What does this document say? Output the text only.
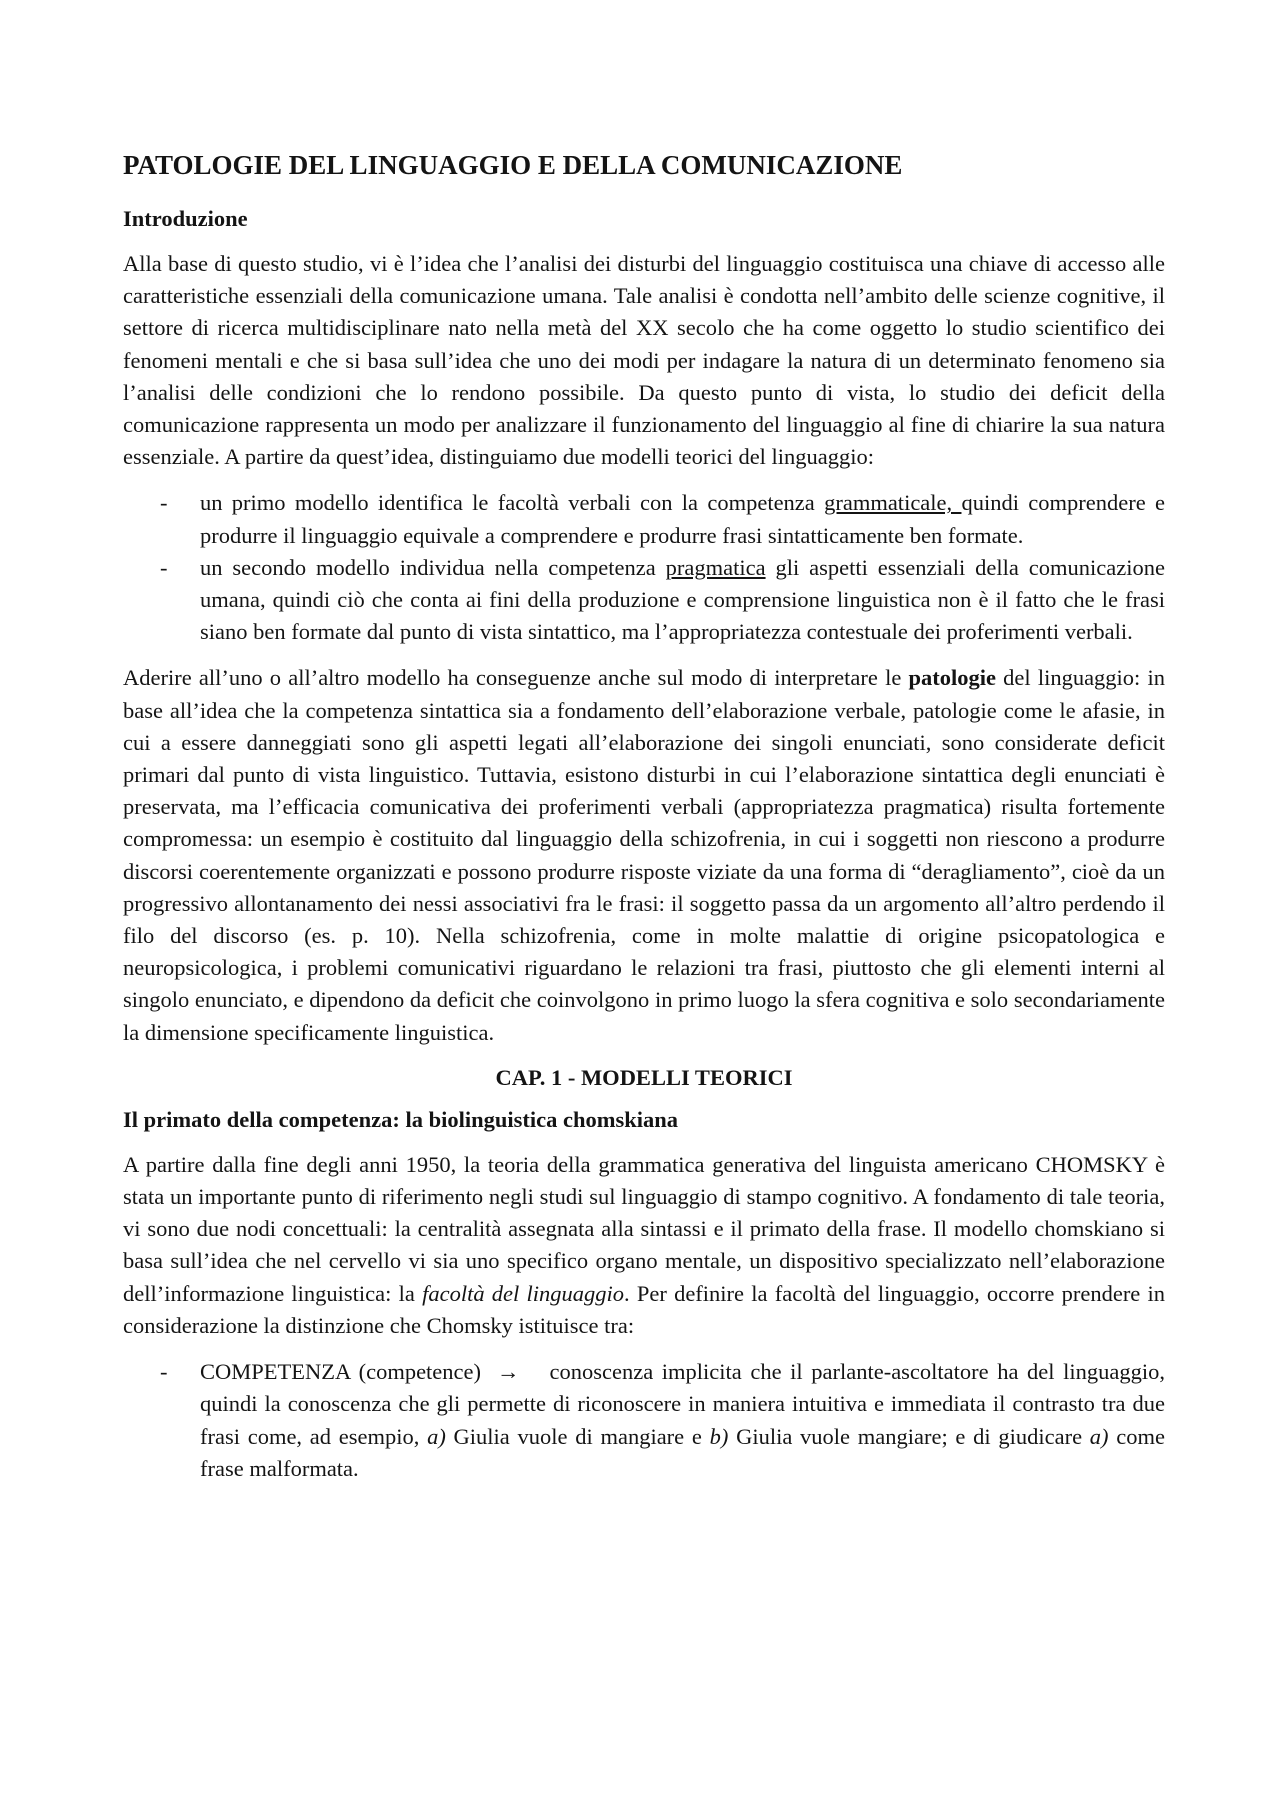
PATOLOGIE DEL LINGUAGGIO E DELLA COMUNICAZIONE
Introduzione

Alla base di questo studio, vi è l’idea che l’analisi dei disturbi del linguaggio costituisca una chiave di accesso alle caratteristiche essenziali della comunicazione umana. Tale analisi è condotta nell’ambito delle scienze cognitive, il settore di ricerca multidisciplinare nato nella metà del XX secolo che ha come oggetto lo studio scientifico dei fenomeni mentali e che si basa sull’idea che uno dei modi per indagare la natura di un determinato fenomeno sia l’analisi delle condizioni che lo rendono possibile. Da questo punto di vista, lo studio dei deficit della comunicazione rappresenta un modo per analizzare il funzionamento del linguaggio al fine di chiarire la sua natura essenziale. A partire da quest’idea, distinguiamo due modelli teorici del linguaggio:

- un primo modello identifica le facoltà verbali con la competenza grammaticale, quindi comprendere e produrre il linguaggio equivale a comprendere e produrre frasi sintatticamente ben formate.
- un secondo modello individua nella competenza pragmatica gli aspetti essenziali della comunicazione umana, quindi ciò che conta ai fini della produzione e comprensione linguistica non è il fatto che le frasi siano ben formate dal punto di vista sintattico, ma l’appropriatezza contestuale dei proferimenti verbali.

Aderire all’uno o all’altro modello ha conseguenze anche sul modo di interpretare le patologie del linguaggio: in base all’idea che la competenza sintattica sia a fondamento dell’elaborazione verbale, patologie come le afasie, in cui a essere danneggiati sono gli aspetti legati all’elaborazione dei singoli enunciati, sono considerate deficit primari dal punto di vista linguistico. Tuttavia, esistono disturbi in cui l’elaborazione sintattica degli enunciati è preservata, ma l’efficacia comunicativa dei proferimenti verbali (appropriatezza pragmatica) risulta fortemente compromessa: un esempio è costituito dal linguaggio della schizofrenia, in cui i soggetti non riescono a produrre discorsi coerentemente organizzati e possono produrre risposte viziate da una forma di “deragliamento”, cioè da un progressivo allontanamento dei nessi associativi fra le frasi: il soggetto passa da un argomento all’altro perdendo il filo del discorso (es. p. 10). Nella schizofrenia, come in molte malattie di origine psicopatologica e neuropsicologica, i problemi comunicativi riguardano le relazioni tra frasi, piuttosto che gli elementi interni al singolo enunciato, e dipendono da deficit che coinvolgono in primo luogo la sfera cognitiva e solo secondariamente la dimensione specificamente linguistica.

CAP. 1 - MODELLI TEORICI
Il primato della competenza: la biolinguistica chomskiana

A partire dalla fine degli anni 1950, la teoria della grammatica generativa del linguista americano CHOMSKY è stata un importante punto di riferimento negli studi sul linguaggio di stampo cognitivo. A fondamento di tale teoria, vi sono due nodi concettuali: la centralità assegnata alla sintassi e il primato della frase. Il modello chomskiano si basa sull’idea che nel cervello vi sia uno specifico organo mentale, un dispositivo specializzato nell’elaborazione dell’informazione linguistica: la facoltà del linguaggio. Per definire la facoltà del linguaggio, occorre prendere in considerazione la distinzione che Chomsky istituisce tra:

- COMPETENZA (competence) → conoscenza implicita che il parlante-ascoltatore ha del linguaggio, quindi la conoscenza che gli permette di riconoscere in maniera intuitiva e immediata il contrasto tra due frasi come, ad esempio, a) Giulia vuole di mangiare e b) Giulia vuole mangiare; e di giudicare a) come frase malformata.
